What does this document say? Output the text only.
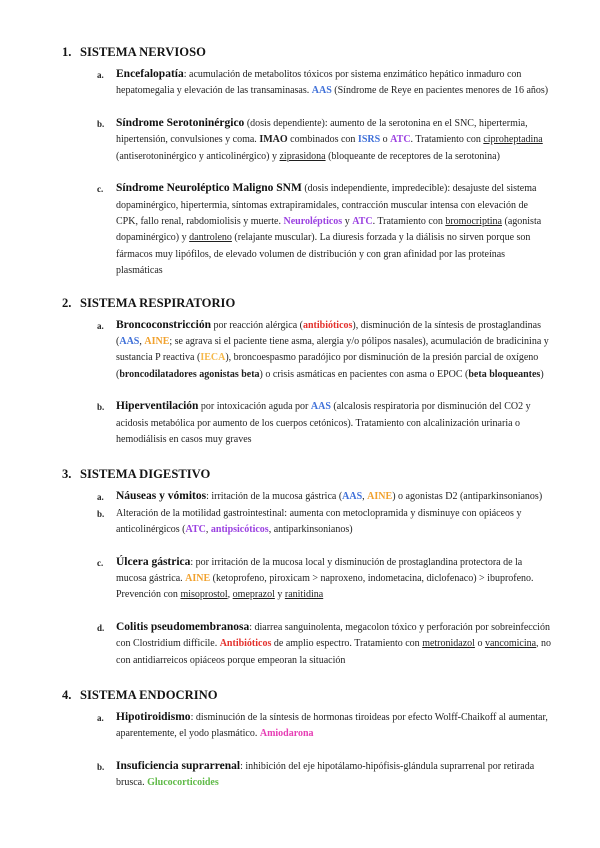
1. SISTEMA NERVIOSO
a. Encefalopatía: acumulación de metabolitos tóxicos por sistema enzimático hepático inmaduro con hepatomegalia y elevación de las transaminasas. AAS (Síndrome de Reye en pacientes menores de 16 años)

b. Síndrome Serotoninérgico (dosis dependiente): aumento de la serotonina en el SNC, hipertermia, hipertensión, convulsiones y coma. IMAO combinados con ISRS o ATC. Tratamiento con ciproheptadina (antiserotoninérgico y anticolinérgico) y ziprasidona (bloqueante de receptores de la serotonina)

c. Síndrome Neuroléptico Maligno SNM (dosis independiente, impredecible): desajuste del sistema dopaminérgico, hipertermia, síntomas extrapiramidales, contracción muscular intensa con elevación de CPK, fallo renal, rabdomiolisis y muerte. Neurolépticos y ATC. Tratamiento con bromocriptina (agonista dopaminérgico) y dantroleno (relajante muscular). La diuresis forzada y la diálisis no sirven porque son fármacos muy lipófilos, de elevado volumen de distribución y con gran afinidad por las proteínas plasmáticas

2. SISTEMA RESPIRATORIO
a. Broncoconstricción por reacción alérgica (antibióticos), disminución de la síntesis de prostaglandinas (AAS, AINE; se agrava si el paciente tiene asma, alergia y/o pólipos nasales), acumulación de bradicinina y sustancia P reactiva (IECA), broncoespasmo paradójico por disminución de la presión parcial de oxígeno (broncodilatadores agonistas beta) o crisis asmáticas en pacientes con asma o EPOC (beta bloqueantes)

b. Hiperventilación por intoxicación aguda por AAS (alcalosis respiratoria por disminución del CO2 y acidosis metabólica por aumento de los cuerpos cetónicos). Tratamiento con alcalinización urinaria o hemodiálisis en casos muy graves

3. SISTEMA DIGESTIVO
a. Náuseas y vómitos: irritación de la mucosa gástrica (AAS, AINE) o agonistas D2 (antiparkinsonianos)

b. Alteración de la motilidad gastrointestinal: aumenta con metoclopramida y disminuye con opiáceos y anticolinérgicos (ATC, antipsicóticos, antiparkinsonianos)

c. Úlcera gástrica: por irritación de la mucosa local y disminución de prostaglandina protectora de la mucosa gástrica. AINE (ketoprofeno, piroxicam > naproxeno, indometacina, diclofenaco) > ibuprofeno. Prevención con misoprostol, omeprazol y ranitidina

d. Colitis pseudomembranosa: diarrea sanguinolenta, megacolon tóxico y perforación por sobreinfección con Clostridium difficile. Antibióticos de amplio espectro. Tratamiento con metronidazol o vancomicina, no con antidiarreicos opiáceos porque empeoran la situación

4. SISTEMA ENDOCRINO
a. Hipotiroidismo: disminución de la síntesis de hormonas tiroideas por efecto Wolff-Chaikoff al aumentar, aparentemente, el yodo plasmático. Amiodarona

b. Insuficiencia suprarrenal: inhibición del eje hipotálamo-hipófisis-glándula suprarrenal por retirada brusca. Glucocorticoides
